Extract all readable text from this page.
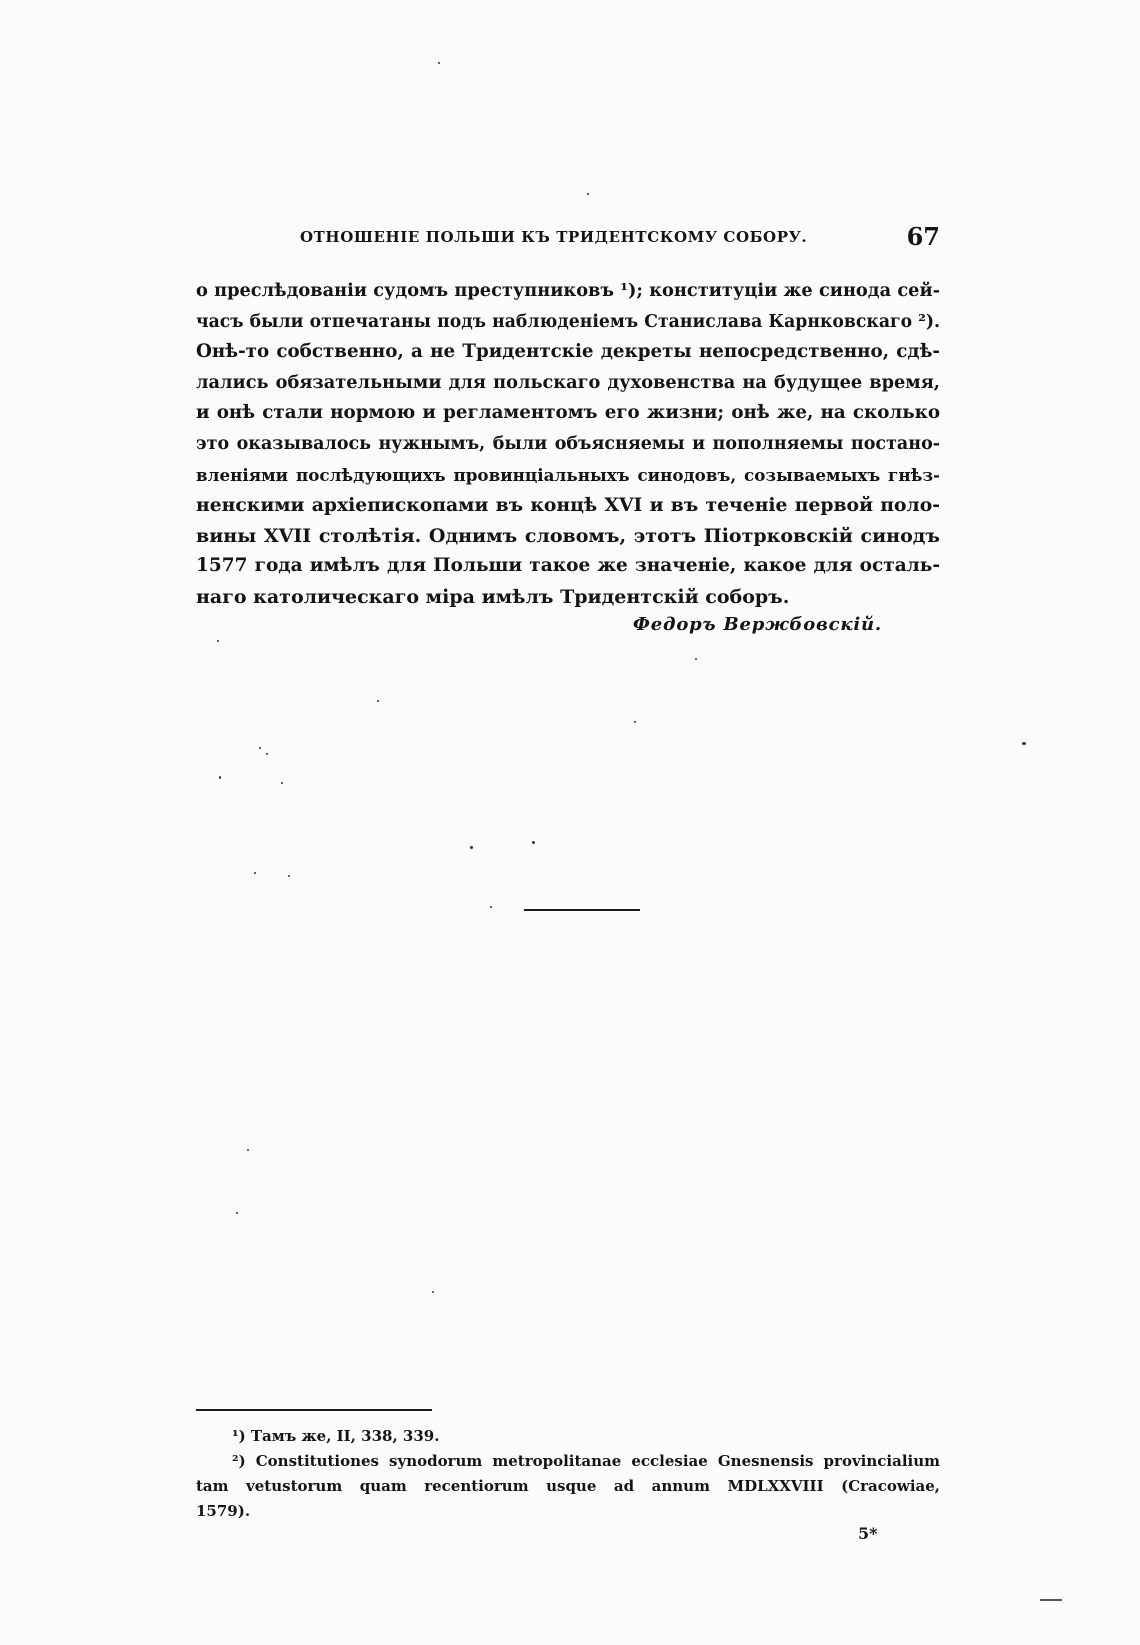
ОТНОШЕНІЕ ПОЛЬШИ КЪ ТРИДЕНТСКОМУ СОБОРУ.	67
о преслѣдованіи судомъ преступниковъ ¹); конституціи же синода сей-
часъ были отпечатаны подъ наблюденіемъ Станислава Карнковскаго ²).
Онѣ-то собственно, а не Тридентскіе декреты непосредственно, сдѣ-
лались обязательными для польскаго духовенства на будущее время,
и онѣ стали нормою и регламентомъ его жизни; онѣ же, на сколько
это оказывалось нужнымъ, были объясняемы и пополняемы постано-
вленіями послѣдующихъ провинціальныхъ синодовъ, созываемыхъ гнѣз-
ненскими архіепископами въ концѣ XVI и въ теченіе первой поло-
вины XVII столѣтія. Однимъ словомъ, этотъ Піотрковскій синодъ
1577 года имѣлъ для Польши такое же значеніе, какое для осталь-
наго католическаго міра имѣлъ Тридентскій соборъ.
Федоръ Вержбовскій.
¹) Тамъ же, II, 338, 339.
²) Constitutiones synodorum metropolitanae ecclesiae Gnesnensis provincialium
tam vetustorum quam recentiorum usque ad annum MDLXXVIII (Cracowiae,
1579).
5*
